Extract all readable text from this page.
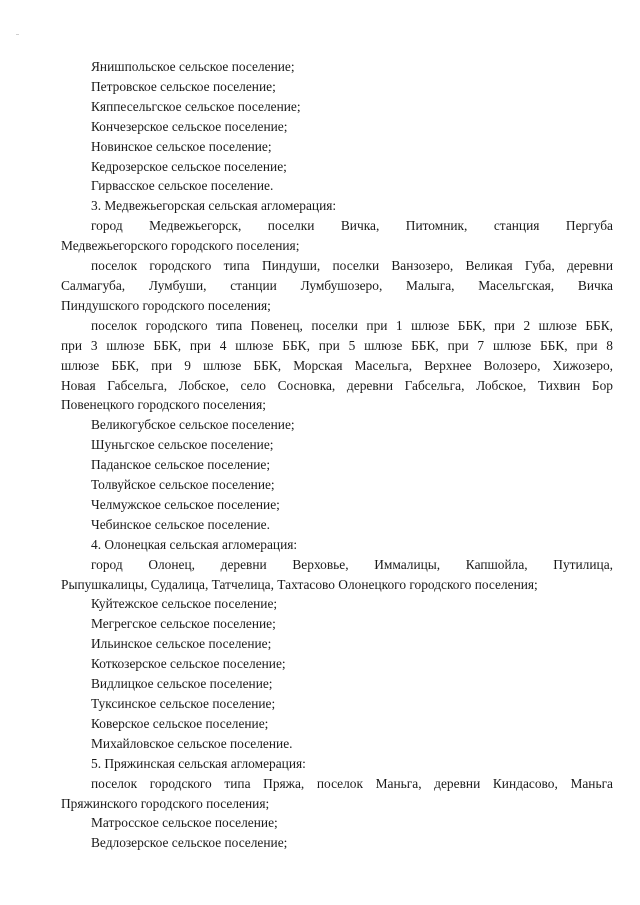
Янишпольское сельское поселение;
Петровское сельское поселение;
Кяппесельгское сельское поселение;
Кончезерское сельское поселение;
Новинское сельское поселение;
Кедрозерское сельское поселение;
Гирвасское сельское поселение.
3. Медвежьегорская сельская агломерация:
город Медвежьегорск, поселки Вичка, Питомник, станция Пергуба
Медвежьегорского городского поселения;
поселок городского типа Пиндуши, поселки Ванзозеро, Великая Губа, деревни
Салмагуба, Лумбуши, станции Лумбушозеро, Малыга, Масельгская, Вичка
Пиндушского городского поселения;
поселок городского типа Повенец, поселки при 1 шлюзе ББК, при 2 шлюзе ББК,
при 3 шлюзе ББК, при 4 шлюзе ББК, при 5 шлюзе ББК, при 7 шлюзе ББК, при 8
шлюзе ББК, при 9 шлюзе ББК, Морская Масельга, Верхнее Волозеро, Хижозеро,
Новая Габсельга, Лобское, село Сосновка, деревни Габсельга, Лобское, Тихвин Бор
Повенецкого городского поселения;
Великогубское сельское поселение;
Шуньгское сельское поселение;
Паданское сельское поселение;
Толвуйское сельское поселение;
Челмужское сельское поселение;
Чебинское сельское поселение.
4. Олонецкая сельская агломерация:
город Олонец, деревни Верховье, Иммалицы, Капшойла, Путилица,
Рыпушкалицы, Судалица, Татчелица, Тахтасово Олонецкого городского поселения;
Куйтежское сельское поселение;
Мегрегское сельское поселение;
Ильинское сельское поселение;
Коткозерское сельское поселение;
Видлицкое сельское поселение;
Туксинское сельское поселение;
Коверское сельское поселение;
Михайловское сельское поселение.
5. Пряжинская сельская агломерация:
поселок городского типа Пряжа, поселок Маньга, деревни Киндасово, Маньга
Пряжинского городского поселения;
Матросское сельское поселение;
Ведлозерское сельское поселение;
